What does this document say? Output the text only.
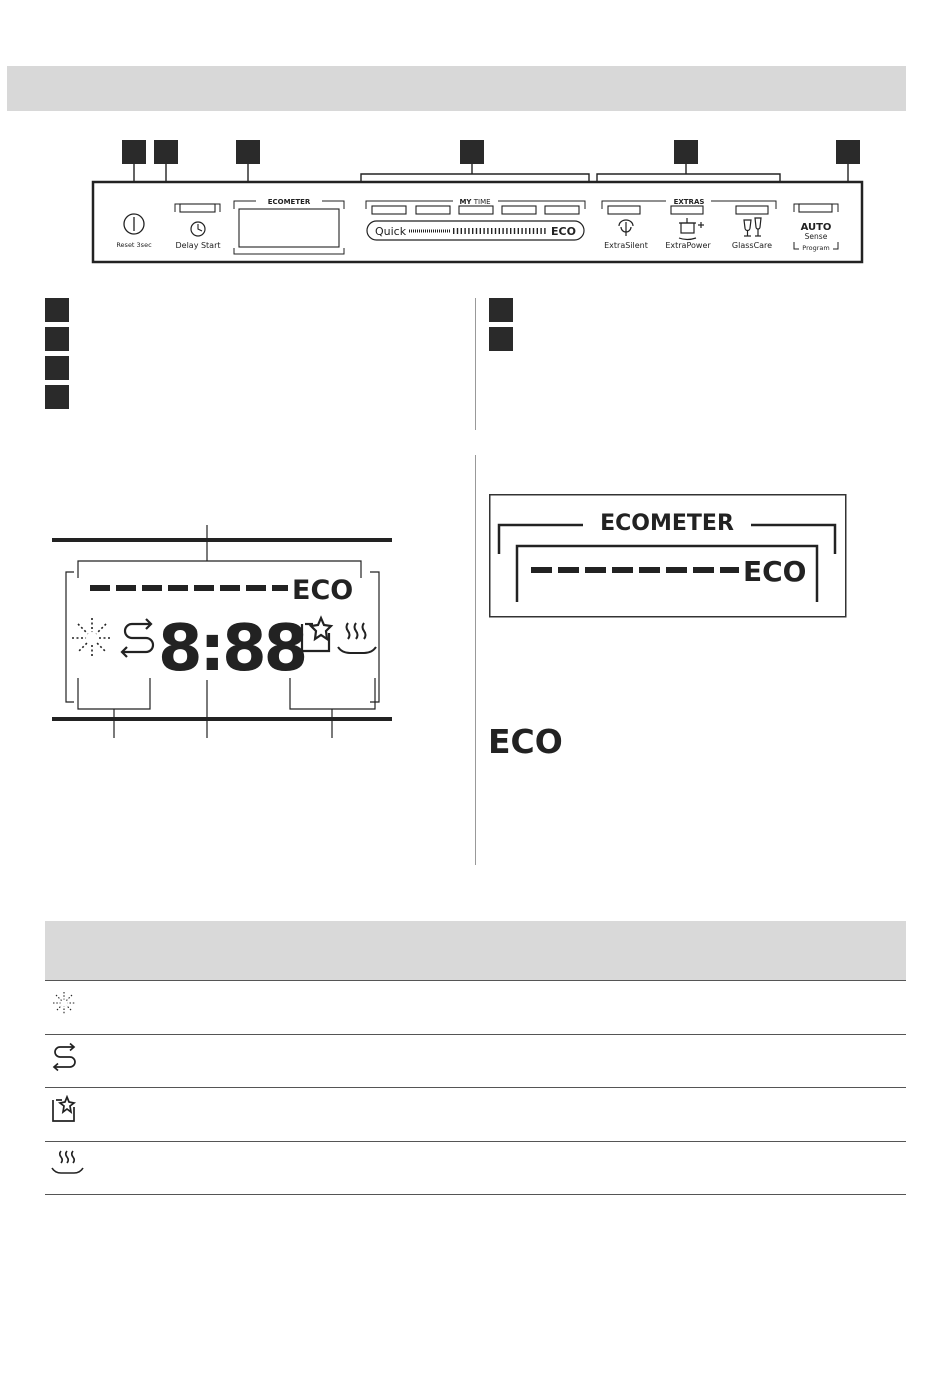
Reset 3sec	Delay Start
ECOMETER	MY TIME
Quick	ECO
EXTRAS
ExtraSilent ExtraPower	GlassCare
AUTO
Sense
Program
ECO
8:88
ECOMETER
ECO
ECO
